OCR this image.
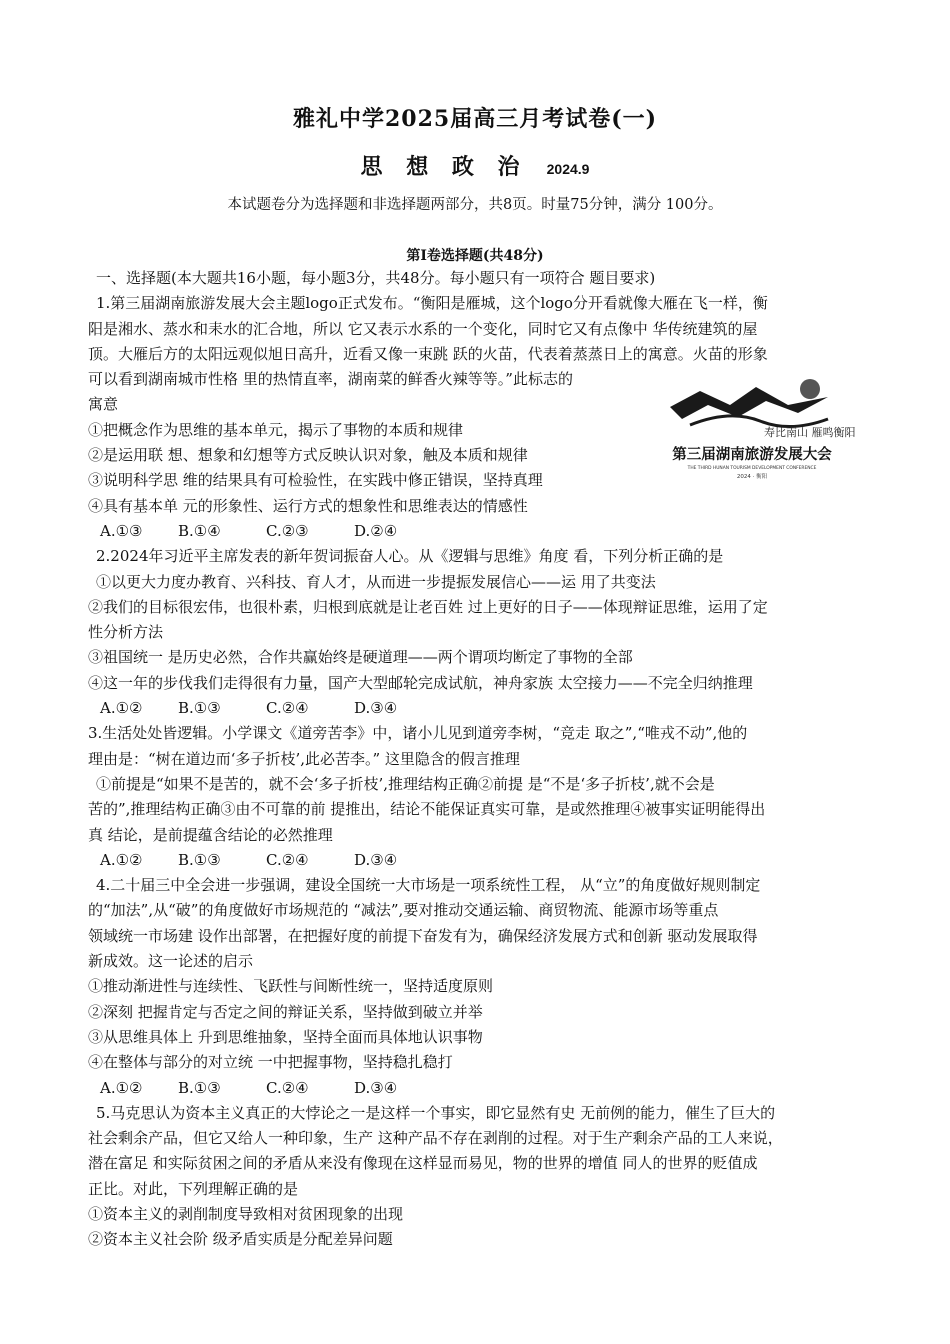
雅礼中学2025届高三月考试卷(一)
思 想 政 治 2024.9
本试题卷分为选择题和非选择题两部分，共8页。时量75分钟，满分 100分。
第Ⅰ卷选择题(共48分)

一、选择题(本大题共16小题，每小题3分，共48分。每小题只有一项符合 题目要求)

1.第三届湖南旅游发展大会主题logo正式发布。“衡阳是雁城，这个logo分开看就像大雁在飞一样，衡

阳是湘水、蒸水和耒水的汇合地，所以 它又表示水系的一个变化，同时它又有点像中 华传统建筑的屋

顶。大雁后方的太阳远观似旭日高升，近看又像一束跳 跃的火苗，代表着蒸蒸日上的寓意。火苗的形象

可以看到湖南城市性格 里的热情直率，湖南菜的鲜香火辣等等。”此标志的

寓意

①把概念作为思维的基本单元，揭示了事物的本质和规律

②是运用联 想、想象和幻想等方式反映认识对象，触及本质和规律

③说明科学思 维的结果具有可检验性，在实践中修正错误，坚持真理

④具有基本单 元的形象性、运行方式的想象性和思维表达的情感性

A.①③	B.①④	C.②③	D.②④

2.2024年习近平主席发表的新年贺词振奋人心。从《逻辑与思维》角度 看，下列分析正确的是

①以更大力度办教育、兴科技、育人才，从而进一步提振发展信心——运 用了共变法

②我们的目标很宏伟，也很朴素，归根到底就是让老百姓 过上更好的日子——体现辩证思维，运用了定

性分析方法

③祖国统一 是历史必然，合作共赢始终是硬道理——两个谓项均断定了事物的全部

④这一年的步伐我们走得很有力量，国产大型邮轮完成试航，神舟家族 太空接力——不完全归纳推理

A.①②	B.①③	C.②④	D.③④

3.生活处处皆逻辑。小学课文《道旁苦李》中，诸小儿见到道旁李树，“竞走 取之”,“唯戎不动”,他的

理由是：“树在道边而‘多子折枝’,此必苦李。” 这里隐含的假言推理

①前提是“如果不是苦的，就不会‘多子折枝’,推理结构正确②前提 是“不是‘多子折枝’,就不会是

苦的”,推理结构正确③由不可靠的前 提推出，结论不能保证真实可靠，是或然推理④被事实证明能得出

真 结论，是前提蕴含结论的必然推理

A.①②	B.①③	C.②④	D.③④

4.二十届三中全会进一步强调，建设全国统一大市场是一项系统性工程， 从“立”的角度做好规则制定

的“加法”,从“破”的角度做好市场规范的 “减法”,要对推动交通运输、商贸物流、能源市场等重点

领域统一市场建 设作出部署，在把握好度的前提下奋发有为，确保经济发展方式和创新 驱动发展取得

新成效。这一论述的启示

①推动渐进性与连续性、飞跃性与间断性统一，坚持适度原则

②深刻 把握肯定与否定之间的辩证关系，坚持做到破立并举

③从思维具体上 升到思维抽象，坚持全面而具体地认识事物

④在整体与部分的对立统 一中把握事物，坚持稳扎稳打

A.①②	B.①③	C.②④	D.③④

5.马克思认为资本主义真正的大悖论之一是这样一个事实，即它显然有史 无前例的能力，催生了巨大的

社会剩余产品，但它又给人一种印象，生产 这种产品不存在剥削的过程。对于生产剩余产品的工人来说，

潜在富足 和实际贫困之间的矛盾从来没有像现在这样显而易见，物的世界的增值 同人的世界的贬值成

正比。对此，下列理解正确的是

①资本主义的剥削制度导致相对贫困现象的出现

②资本主义社会阶 级矛盾实质是分配差异问题

寿比南山 雁鸣衡阳
第三届湖南旅游发展大会
THE THIRD HUNAN TOURISM DEVELOPMENT CONFERENCE
2024 · 衡阳
